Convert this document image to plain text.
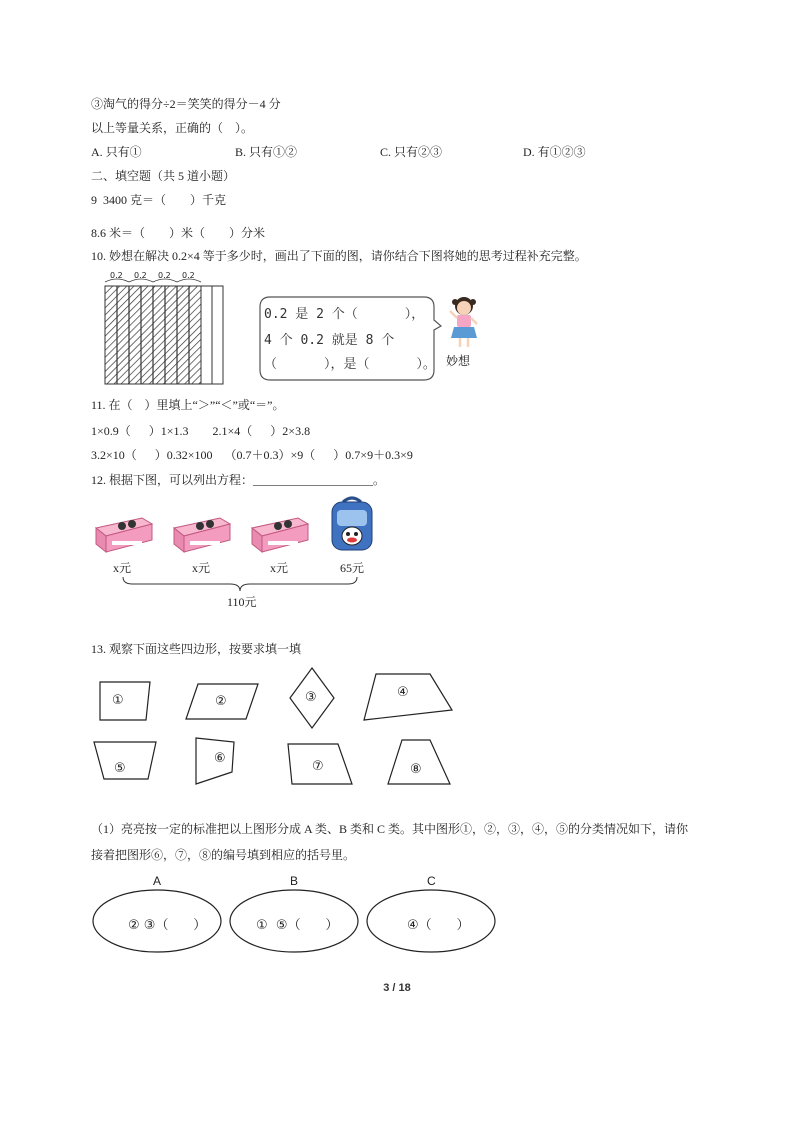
③淘气的得分÷2＝笑笑的得分－4 分
以上等量关系，正确的（    ）。
A. 只有①	B. 只有①②	C. 只有②③	D. 有①②③
二、填空题（共 5 道小题）
9  3400 克＝（        ）千克
8.6 米＝（        ）米（        ）分米
10. 妙想在解决 0.2×4 等于多少时，画出了下面的图，请你结合下图将她的思考过程补充完整。
0.2 0.2 0.2 0.2
0.2 是 2 个（      ），
4 个 0.2 就是 8 个
（      ），是（      ）。 妙想
11. 在（    ）里填上“＞”“＜”或“＝”。
1×0.9（      ）1×1.3        2.1×4（      ）2×3.8
3.2×10（      ）0.32×100    （0.7＋0.3）×9（      ）0.7×9＋0.3×9
12. 根据下图，可以列出方程：____________________。
x元	x元	x元	65元
110元
13. 观察下面这些四边形，按要求填一填
①	②	③	④
⑤
⑥
⑦	⑧
（1）亮亮按一定的标准把以上图形分成 A 类、B 类和 C 类。其中图形①，②，③，④，⑤的分类情况如下，请你
接着把图形⑥，⑦，⑧的编号填到相应的括号里。
A	B	C
② ③（      ）	①  ⑤（      ）	④（      ）
3 / 18
